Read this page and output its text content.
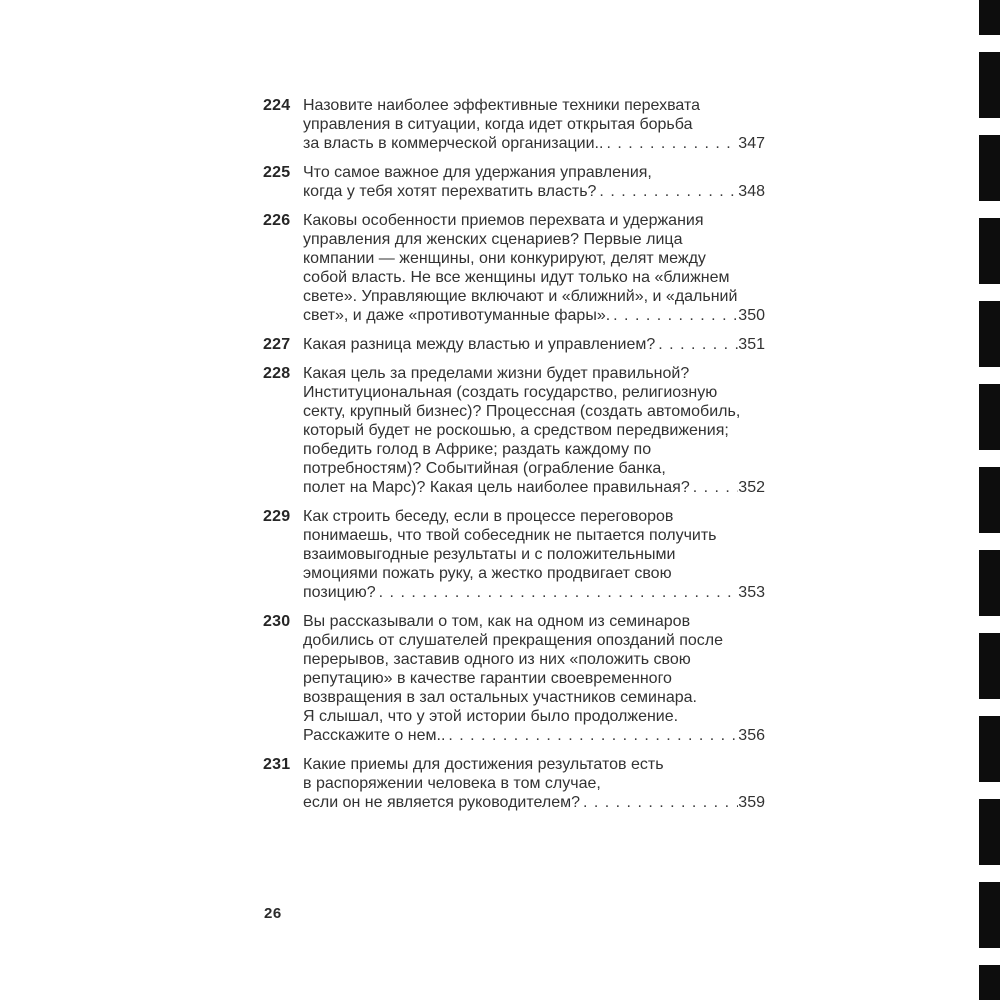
224 Назовите наиболее эффективные техники перехвата
управления в ситуации, когда идет открытая борьба
за власть в коммерческой организации.. . . .	347
225 Что самое важное для удержания управления,
когда у тебя хотят перехватить власть? . . .	348
226 Каковы особенности приемов перехвата и удержания
управления для женских сценариев? Первые лица
компании — женщины, они конкурируют, делят между
собой власть. Не все женщины идут только на «ближнем
свете». Управляющие включают и «ближний», и «дальний
свет», и даже «противотуманные фары». . . .	350
227 Какая разница между властью и управлением? . . .	351
228 Какая цель за пределами жизни будет правильной?
Институциональная (создать государство, религиозную
секту, крупный бизнес)? Процессная (создать автомобиль,
который будет не роскошью, а средством передвижения;
победить голод в Африке; раздать каждому по
потребностям)? Событийная (ограбление банка,
полет на Марс)? Какая цель наиболее правильная? . . .	352
229 Как строить беседу, если в процессе переговоров
понимаешь, что твой собеседник не пытается получить
взаимовыгодные результаты и с положительными
эмоциями пожать руку, а жестко продвигает свою
позицию? . . .	353
230 Вы рассказывали о том, как на одном из семинаров
добились от слушателей прекращения опозданий после
перерывов, заставив одного из них «положить свою
репутацию» в качестве гарантии своевременного
возвращения в зал остальных участников семинара.
Я слышал, что у этой истории было продолжение.
Расскажите о нем.. . . .	356
231 Какие приемы для достижения результатов есть
в распоряжении человека в том случае,
если он не является руководителем? . . .	359
26
